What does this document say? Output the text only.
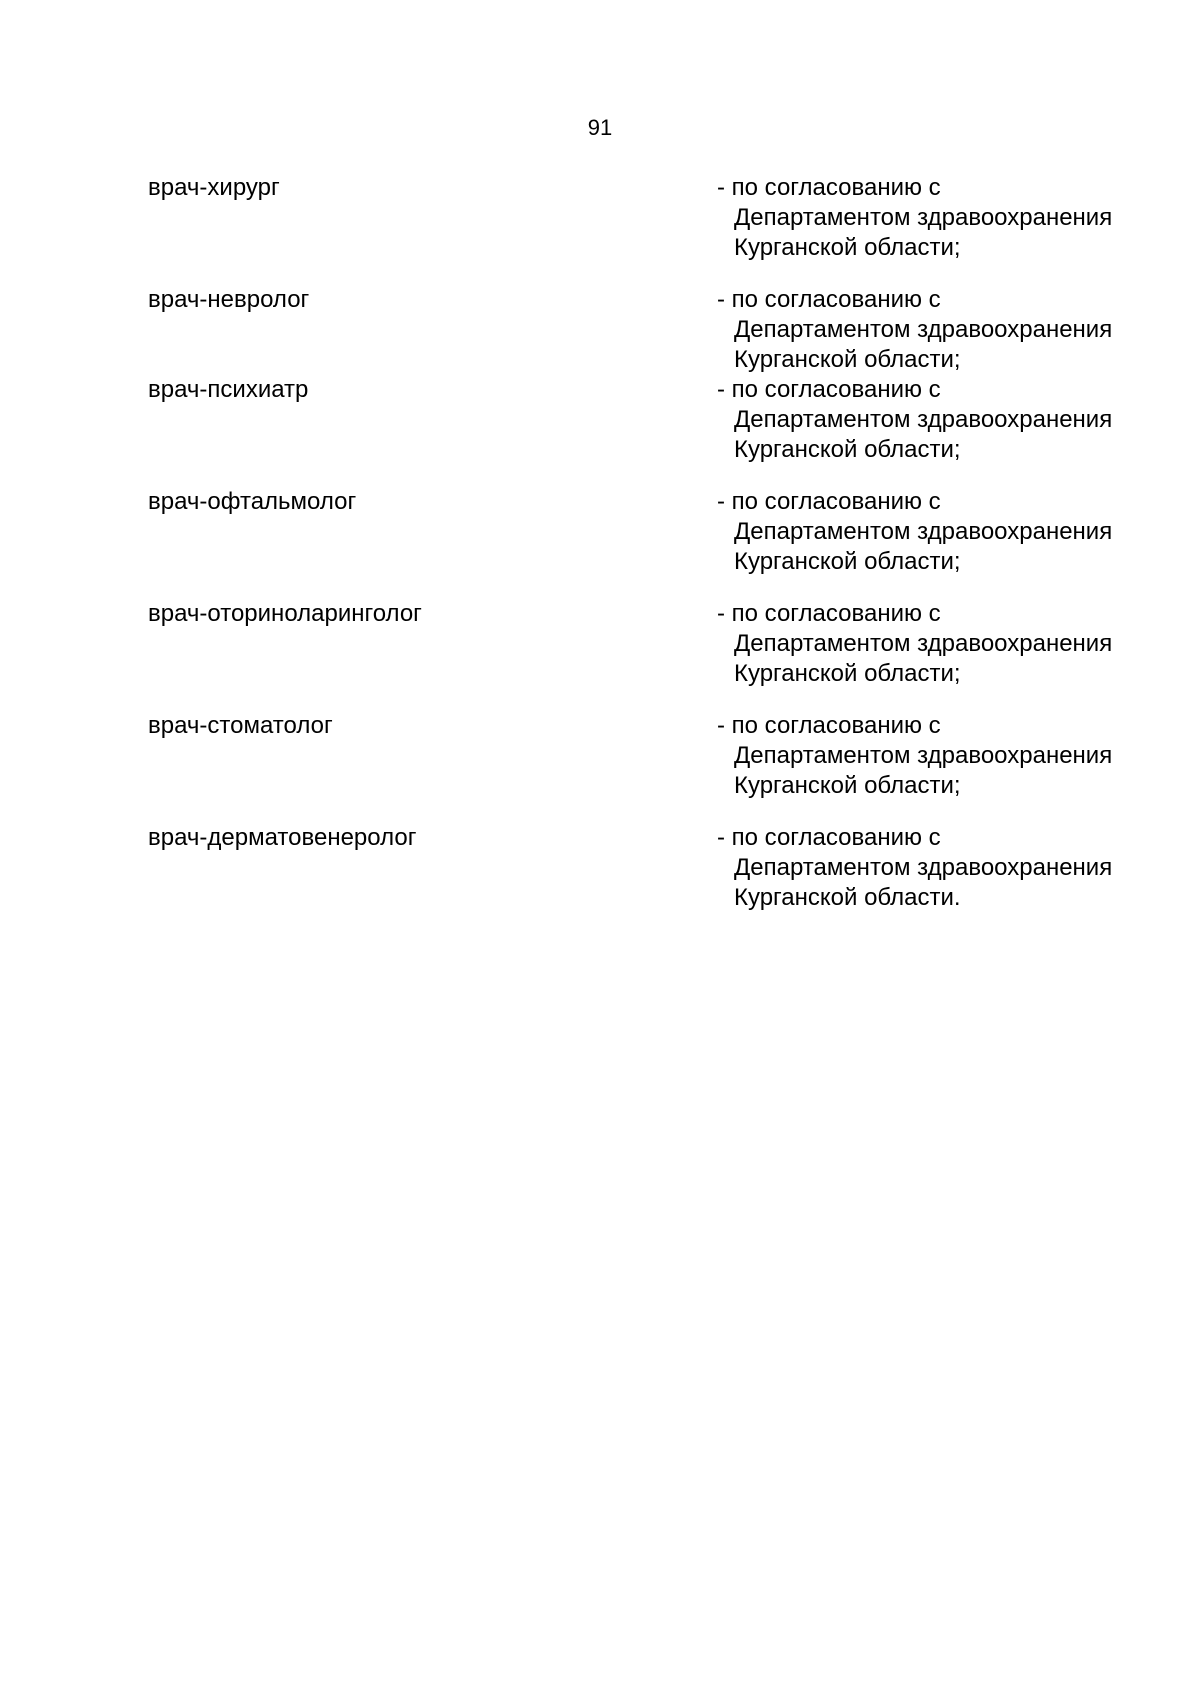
91
врач-хирург	- по согласованию с
Департаментом здравоохранения
Курганской области;
врач-невролог	- по согласованию с
Департаментом здравоохранения
Курганской области;
врач-психиатр	- по согласованию с
Департаментом здравоохранения
Курганской области;
врач-офтальмолог	- по согласованию с
Департаментом здравоохранения
Курганской области;
врач-оториноларинголог	- по согласованию с
Департаментом здравоохранения
Курганской области;
врач-стоматолог	- по согласованию с
Департаментом здравоохранения
Курганской области;
врач-дерматовенеролог	- по согласованию с
Департаментом здравоохранения
Курганской области.
